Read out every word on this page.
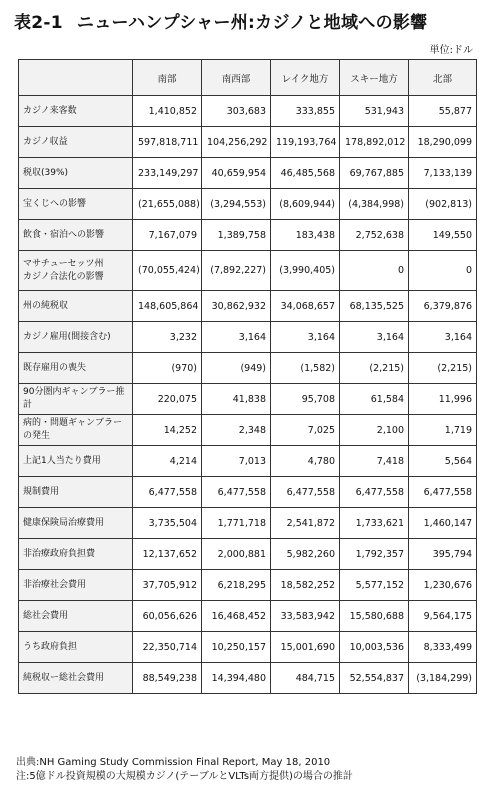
表2-1 ニューハンプシャー州:カジノと地域への影響
単位:ドル
	南部	南西部	レイク地方	スキー地方	北部
カジノ来客数	1,410,852	303,683	333,855	531,943	55,877
カジノ収益	597,818,711	104,256,292	119,193,764	178,892,012	18,290,099
税収(39%)	233,149,297	40,659,954	46,485,568	69,767,885	7,133,139
宝くじへの影響	(21,655,088)	(3,294,553)	(8,609,944)	(4,384,998)	(902,813)
飲食・宿泊への影響	7,167,079	1,389,758	183,438	2,752,638	149,550
マサチューセッツ州
カジノ合法化の影響	(70,055,424)	(7,892,227)	(3,990,405)	0	0
州の純税収	148,605,864	30,862,932	34,068,657	68,135,525	6,379,876
カジノ雇用(間接含む)	3,232	3,164	3,164	3,164	3,164
既存雇用の喪失	(970)	(949)	(1,582)	(2,215)	(2,215)
90分圏内ギャンブラー推計	220,075	41,838	95,708	61,584	11,996
病的・問題ギャンブラーの発生	14,252	2,348	7,025	2,100	1,719
上記1人当たり費用	4,214	7,013	4,780	7,418	5,564
規制費用	6,477,558	6,477,558	6,477,558	6,477,558	6,477,558
健康保険局治療費用	3,735,504	1,771,718	2,541,872	1,733,621	1,460,147
非治療政府負担費	12,137,652	2,000,881	5,982,260	1,792,357	395,794
非治療社会費用	37,705,912	6,218,295	18,582,252	5,577,152	1,230,676
総社会費用	60,056,626	16,468,452	33,583,942	15,580,688	9,564,175
うち政府負担	22,350,714	10,250,157	15,001,690	10,003,536	8,333,499
純税収ー総社会費用	88,549,238	14,394,480	484,715	52,554,837	(3,184,299)
出典:NH Gaming Study Commission Final Report, May 18, 2010
注:5億ドル投資規模の大規模カジノ(テーブルとVLTs両方提供)の場合の推計
